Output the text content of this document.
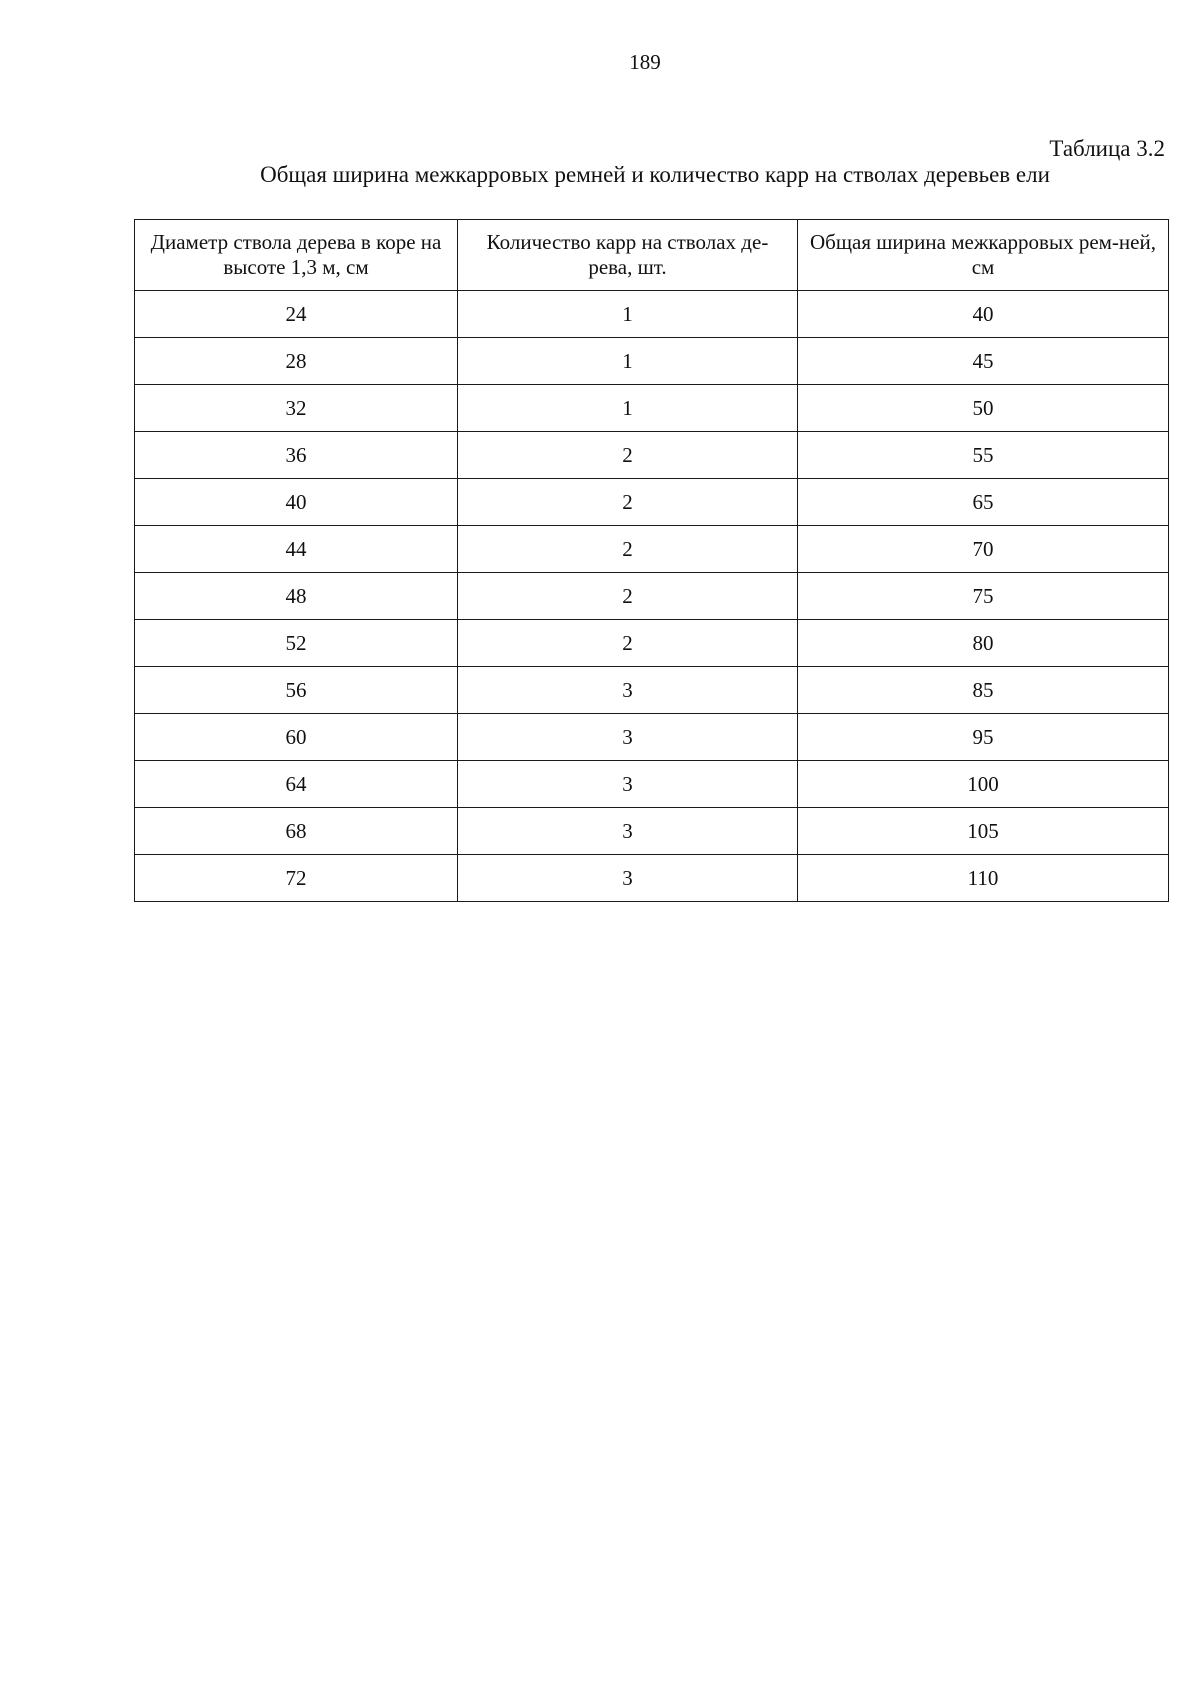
189
Таблица 3.2
Общая ширина межкарровых ремней и количество карр на стволах деревьев ели
Диаметр ствола дерева в коре на высоте 1,3 м, см	Количество карр на стволах де-рева, шт.	Общая ширина межкарровых рем-ней, см
24	1	40
28	1	45
32	1	50
36	2	55
40	2	65
44	2	70
48	2	75
52	2	80
56	3	85
60	3	95
64	3	100
68	3	105
72	3	110
